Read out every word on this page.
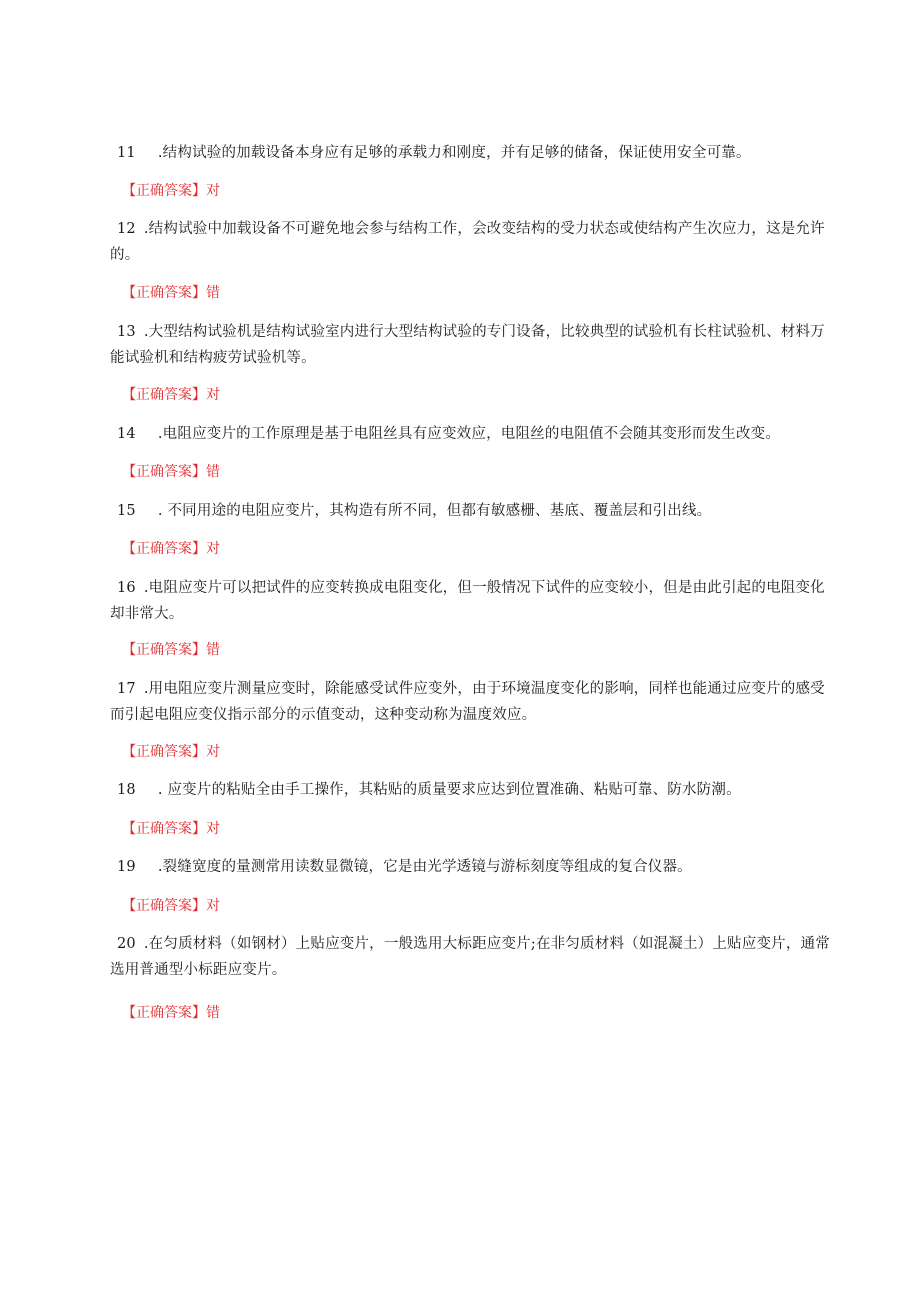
11 .结构试验的加载设备本身应有足够的承载力和刚度，并有足够的储备，保证使用安全可靠。
【正确答案】对
12 .结构试验中加载设备不可避免地会参与结构工作，会改变结构的受力状态或使结构产生次应力，这是允许的。
【正确答案】错
13 .大型结构试验机是结构试验室内进行大型结构试验的专门设备，比较典型的试验机有长柱试验机、材料万能试验机和结构疲劳试验机等。
【正确答案】对
14 .电阻应变片的工作原理是基于电阻丝具有应变效应，电阻丝的电阻值不会随其变形而发生改变。
【正确答案】错
15 . 不同用途的电阻应变片，其构造有所不同，但都有敏感栅、基底、覆盖层和引出线。
【正确答案】对
16 .电阻应变片可以把试件的应变转换成电阻变化，但一般情况下试件的应变较小，但是由此引起的电阻变化却非常大。
【正确答案】错
17 .用电阻应变片测量应变时，除能感受试件应变外，由于环境温度变化的影响，同样也能通过应变片的感受而引起电阻应变仪指示部分的示值变动，这种变动称为温度效应。
【正确答案】对
18 . 应变片的粘贴全由手工操作，其粘贴的质量要求应达到位置准确、粘贴可靠、防水防潮。
【正确答案】对
19 .裂缝宽度的量测常用读数显微镜，它是由光学透镜与游标刻度等组成的复合仪器。
【正确答案】对
20 .在匀质材料（如钢材）上贴应变片，一般选用大标距应变片;在非匀质材料（如混凝土）上贴应变片，通常选用普通型小标距应变片。
【正确答案】错
